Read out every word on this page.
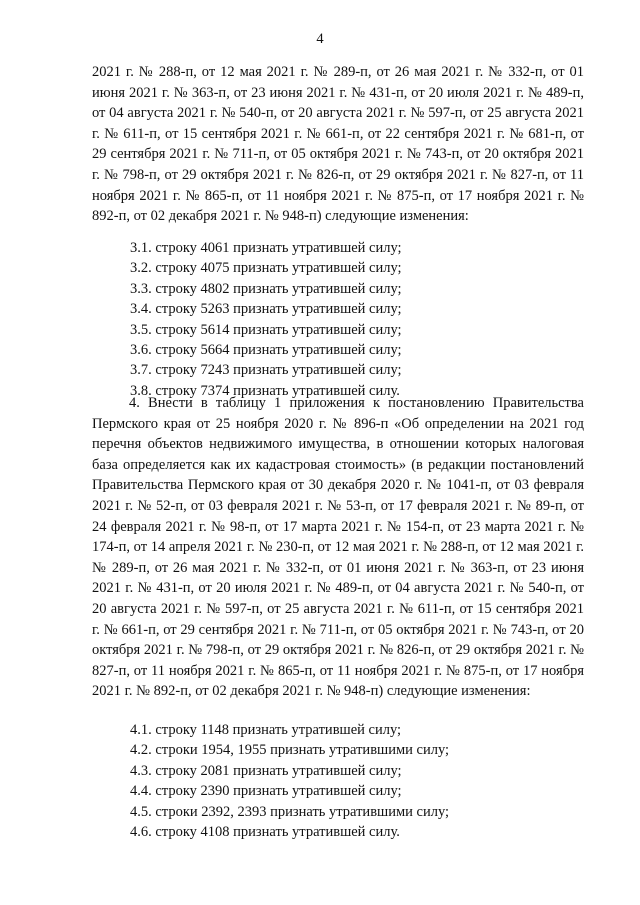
4
2021 г. № 288-п, от 12 мая 2021 г. № 289-п, от 26 мая 2021 г. № 332-п, от 01 июня 2021 г. № 363-п, от 23 июня 2021 г. № 431-п, от 20 июля 2021 г. № 489-п, от 04 августа 2021 г. № 540-п, от 20 августа 2021 г. № 597-п, от 25 августа 2021 г. № 611-п, от 15 сентября 2021 г. № 661-п, от 22 сентября 2021 г. № 681-п, от 29 сентября 2021 г. № 711-п, от 05 октября 2021 г. № 743-п, от 20 октября 2021 г. № 798-п, от 29 октября 2021 г. № 826-п, от 29 октября 2021 г. № 827-п, от 11 ноября 2021 г. № 865-п, от 11 ноября 2021 г. № 875-п, от 17 ноября 2021 г. № 892-п, от 02 декабря 2021 г. № 948-п) следующие изменения:
3.1. строку 4061 признать утратившей силу;
3.2. строку 4075 признать утратившей силу;
3.3. строку 4802 признать утратившей силу;
3.4. строку 5263 признать утратившей силу;
3.5. строку 5614 признать утратившей силу;
3.6. строку 5664 признать утратившей силу;
3.7. строку 7243 признать утратившей силу;
3.8. строку 7374 признать утратившей силу.
4. Внести в таблицу 1 приложения к постановлению Правительства Пермского края от 25 ноября 2020 г. № 896-п «Об определении на 2021 год перечня объектов недвижимого имущества, в отношении которых налоговая база определяется как их кадастровая стоимость» (в редакции постановлений Правительства Пермского края от 30 декабря 2020 г. № 1041-п, от 03 февраля 2021 г. № 52-п, от 03 февраля 2021 г. № 53-п, от 17 февраля 2021 г. № 89-п, от 24 февраля 2021 г. № 98-п, от 17 марта 2021 г. № 154-п, от 23 марта 2021 г. № 174-п, от 14 апреля 2021 г. № 230-п, от 12 мая 2021 г. № 288-п, от 12 мая 2021 г. № 289-п, от 26 мая 2021 г. № 332-п, от 01 июня 2021 г. № 363-п, от 23 июня 2021 г. № 431-п, от 20 июля 2021 г. № 489-п, от 04 августа 2021 г. № 540-п, от 20 августа 2021 г. № 597-п, от 25 августа 2021 г. № 611-п, от 15 сентября 2021 г. № 661-п, от 29 сентября 2021 г. № 711-п, от 05 октября 2021 г. № 743-п, от 20 октября 2021 г. № 798-п, от 29 октября 2021 г. № 826-п, от 29 октября 2021 г. № 827-п, от 11 ноября 2021 г. № 865-п, от 11 ноября 2021 г. № 875-п, от 17 ноября 2021 г. № 892-п, от 02 декабря 2021 г. № 948-п) следующие изменения:
4.1. строку 1148 признать утратившей силу;
4.2. строки 1954, 1955 признать утратившими силу;
4.3. строку 2081 признать утратившей силу;
4.4. строку 2390 признать утратившей силу;
4.5. строки 2392, 2393 признать утратившими силу;
4.6. строку 4108 признать утратившей силу.
